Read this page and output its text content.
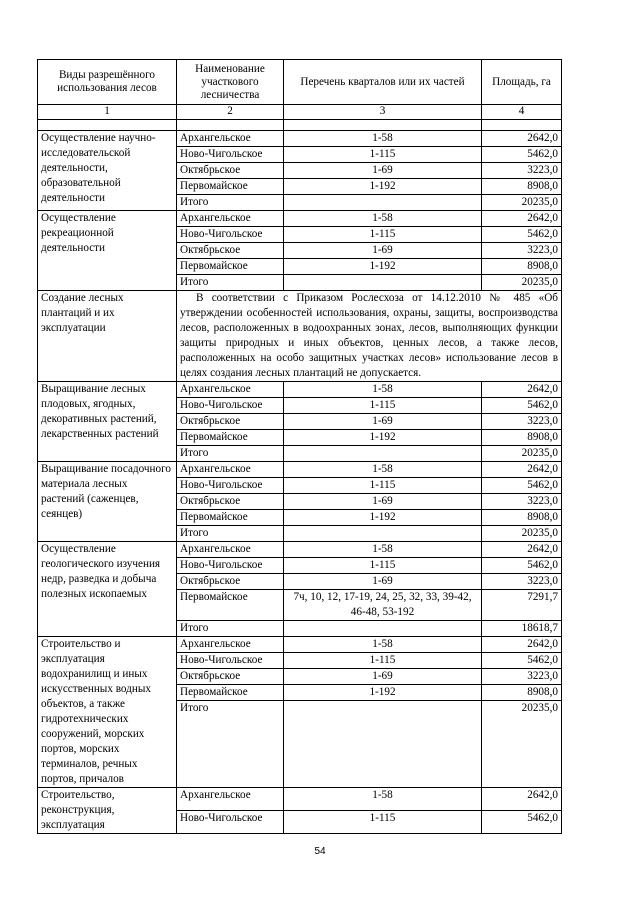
Виды разрешённого использования лесов	Наименование участкового лесничества	Перечень кварталов или их частей	Площадь, га
1	2	3	4

Осуществление научно-исследовательской деятельности, образовательной деятельности	Архангельское	1-58	2642,0
	Ново-Чигольское	1-115	5462,0
	Октябрьское	1-69	3223,0
	Первомайское	1-192	8908,0
	Итого		20235,0
Осуществление рекреационной деятельности	Архангельское	1-58	2642,0
	Ново-Чигольское	1-115	5462,0
	Октябрьское	1-69	3223,0
	Первомайское	1-192	8908,0
	Итого		20235,0
Создание лесных плантаций и их эксплуатации	В соответствии с Приказом Рослесхоза от 14.12.2010 № 485 «Об утверждении особенностей использования, охраны, защиты, воспроизводства лесов, расположенных в водоохранных зонах, лесов, выполняющих функции защиты природных и иных объектов, ценных лесов, а также лесов, расположенных на особо защитных участках лесов» использование лесов в целях создания лесных плантаций не допускается.		

Выращивание лесных плодовых, ягодных, декоративных растений, лекарственных растений	Архангельское	1-58	2642,0
	Ново-Чигольское	1-115	5462,0
	Октябрьское	1-69	3223,0
	Первомайское	1-192	8908,0
	Итого		20235,0
Выращивание посадочного материала лесных растений (саженцев, сеянцев)	Архангельское	1-58	2642,0
	Ново-Чигольское	1-115	5462,0
	Октябрьское	1-69	3223,0
	Первомайское	1-192	8908,0
	Итого		20235,0
Осуществление геологического изучения недр, разведка и добыча полезных ископаемых	Архангельское	1-58	2642,0
	Ново-Чигольское	1-115	5462,0
	Октябрьское	1-69	3223,0
	Первомайское	7ч, 10, 12, 17-19, 24, 25, 32, 33, 39-42, 46-48, 53-192	7291,7
	Итого		18618,7
Строительство и эксплуатация водохранилищ и иных искусственных водных объектов, а также гидротехнических сооружений, морских портов, морских терминалов, речных портов, причалов	Архангельское	1-58	2642,0
	Ново-Чигольское	1-115	5462,0
	Октябрьское	1-69	3223,0
	Первомайское	1-192	8908,0
	Итого		20235,0
Строительство, реконструкция, эксплуатация	Архангельское	1-58	2642,0
	Ново-Чигольское	1-115	5462,0
54
